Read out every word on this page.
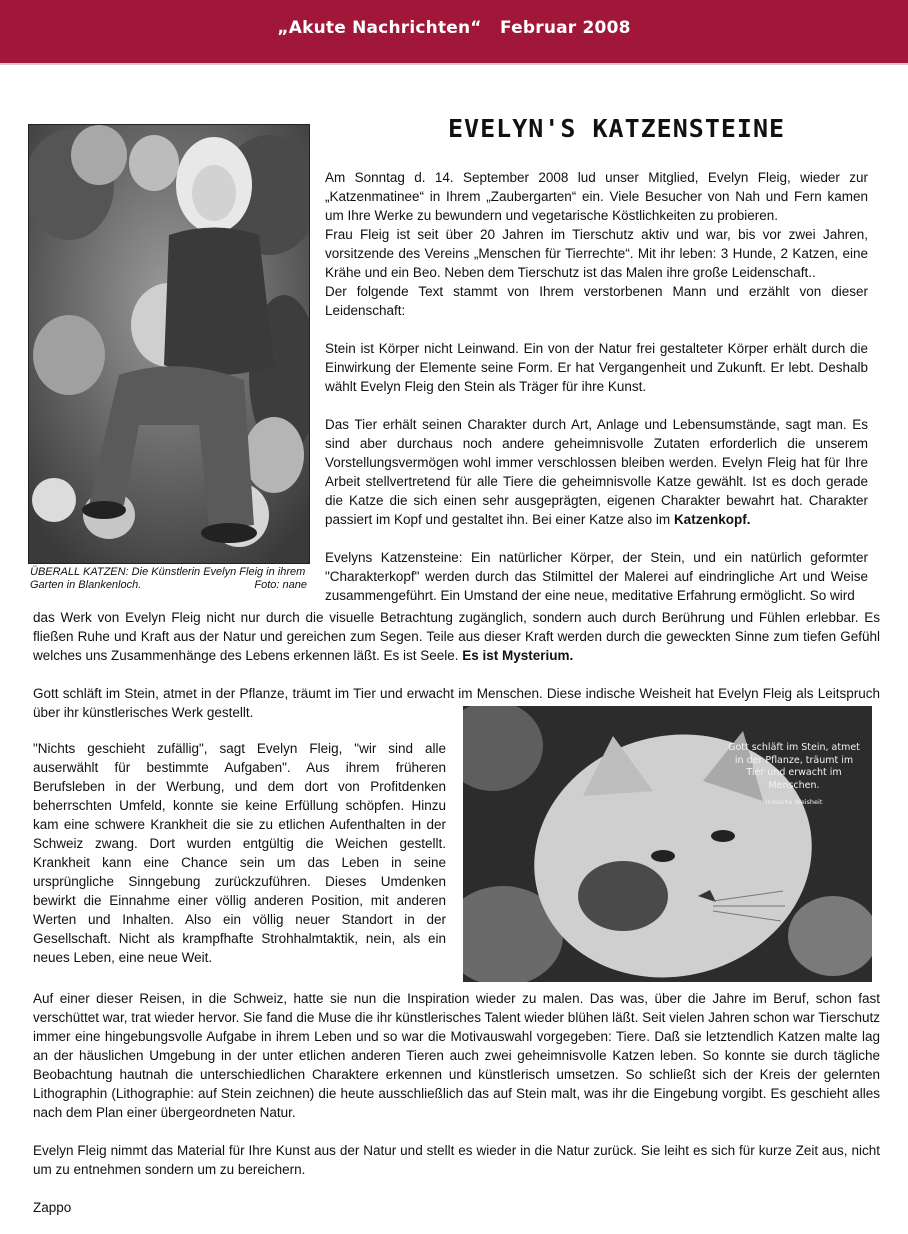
„Akute Nachrichten“   Februar 2008
ÜBERALL KATZEN: Die Künstlerin Evelyn Fleig in ihrem Garten in Blankenloch.	Foto: nane
EVELYN'S KATZENSTEINE

Am Sonntag d. 14. September 2008 lud unser Mitglied, Evelyn Fleig, wieder zur „Katzenmatinee“ in Ihrem „Zaubergarten“ ein. Viele Besucher von Nah und Fern kamen um Ihre Werke zu bewundern und vegetarische Köstlichkeiten zu probieren.

Frau Fleig ist seit über 20 Jahren im Tierschutz aktiv und war, bis vor zwei Jahren, vorsitzende des Vereins „Menschen für Tierrechte“. Mit ihr leben: 3 Hunde, 2 Katzen, eine Krähe und ein Beo. Neben dem Tierschutz ist das Malen ihre große Leidenschaft..

Der folgende Text stammt von Ihrem verstorbenen Mann und erzählt von dieser Leidenschaft:

Stein ist Körper nicht Leinwand. Ein von der Natur frei gestalteter Körper erhält durch die Einwirkung der Elemente seine Form. Er hat Vergangenheit und Zukunft. Er lebt. Deshalb wählt Evelyn Fleig den Stein als Träger für ihre Kunst.

Das Tier erhält seinen Charakter durch Art, Anlage und Lebensumstände, sagt man. Es sind aber durchaus noch andere geheimnisvolle Zutaten erforderlich die unserem Vorstellungsvermögen wohl immer verschlossen bleiben werden. Evelyn Fleig hat für Ihre Arbeit stellvertretend für alle Tiere die geheimnisvolle Katze gewählt. Ist es doch gerade die Katze die sich einen sehr ausgeprägten, eigenen Charakter bewahrt hat. Charakter passiert im Kopf und gestaltet ihn. Bei einer Katze also im Katzenkopf.

Evelyns Katzensteine: Ein natürlicher Körper, der Stein, und ein natürlich geformter "Charakterkopf" werden durch das Stilmittel der Malerei auf eindringliche Art und Weise zusammengeführt. Ein Umstand der eine neue, meditative Erfahrung ermöglicht. So wird

das Werk von Evelyn Fleig nicht nur durch die visuelle Betrachtung zugänglich, sondern auch durch Berührung und Fühlen erlebbar. Es fließen Ruhe und Kraft aus der Natur und gereichen zum Segen. Teile aus dieser Kraft werden durch die geweckten Sinne zum tiefen Gefühl welches uns Zusammenhänge des Lebens erkennen läßt. Es ist Seele. Es ist Mysterium.

Gott schläft im Stein, atmet in der Pflanze, träumt im Tier und erwacht im Menschen. Diese indische Weisheit hat Evelyn Fleig als Leitspruch über ihr künstlerisches Werk gestellt.

"Nichts geschieht zufällig", sagt Evelyn Fleig, "wir sind alle auserwählt für bestimmte Aufgaben". Aus ihrem früheren Berufsleben in der Werbung, und dem dort von Profitdenken beherrschten Umfeld, konnte sie keine Erfüllung schöpfen. Hinzu kam eine schwere Krankheit die sie zu etlichen Aufenthalten in der Schweiz zwang. Dort wurden entgültig die Weichen gestellt. Krankheit kann eine Chance sein um das Leben in seine ursprüngliche Sinngebung zurückzuführen. Dieses Umdenken bewirkt die Einnahme einer völlig anderen Position, mit anderen Werten und Inhalten. Also ein völlig neuer Standort in der Gesellschaft. Nicht als krampfhafte Strohhalmtaktik, nein, als ein neues Leben, eine neue Weit.

Gott schläft im Stein, atmet in der Pflanze, träumt im Tier und erwacht im Menschen.
Indische Weisheit

Auf einer dieser Reisen, in die Schweiz, hatte sie nun die Inspiration wieder zu malen. Das was, über die Jahre im Beruf, schon fast verschüttet war, trat wieder hervor. Sie fand die Muse die ihr künstlerisches Talent wieder blühen läßt. Seit vielen Jahren schon war Tierschutz immer eine hingebungsvolle Aufgabe in ihrem Leben und so war die Motivauswahl vorgegeben: Tiere. Daß sie letztendlich Katzen malte lag an der häuslichen Umgebung in der unter etlichen anderen Tieren auch zwei geheimnisvolle Katzen leben. So konnte sie durch tägliche Beobachtung hautnah die unterschiedlichen Charaktere erkennen und künstlerisch umsetzen. So schließt sich der Kreis der gelernten Lithographin (Lithographie: auf Stein zeichnen) die heute ausschließlich das auf Stein malt, was ihr die Eingebung vorgibt. Es geschieht alles nach dem Plan einer übergeordneten Natur.

Evelyn Fleig nimmt das Material für Ihre Kunst aus der Natur und stellt es wieder in die Natur zurück. Sie leiht es sich für kurze Zeit aus, nicht um zu entnehmen sondern um zu bereichern.

Zappo
